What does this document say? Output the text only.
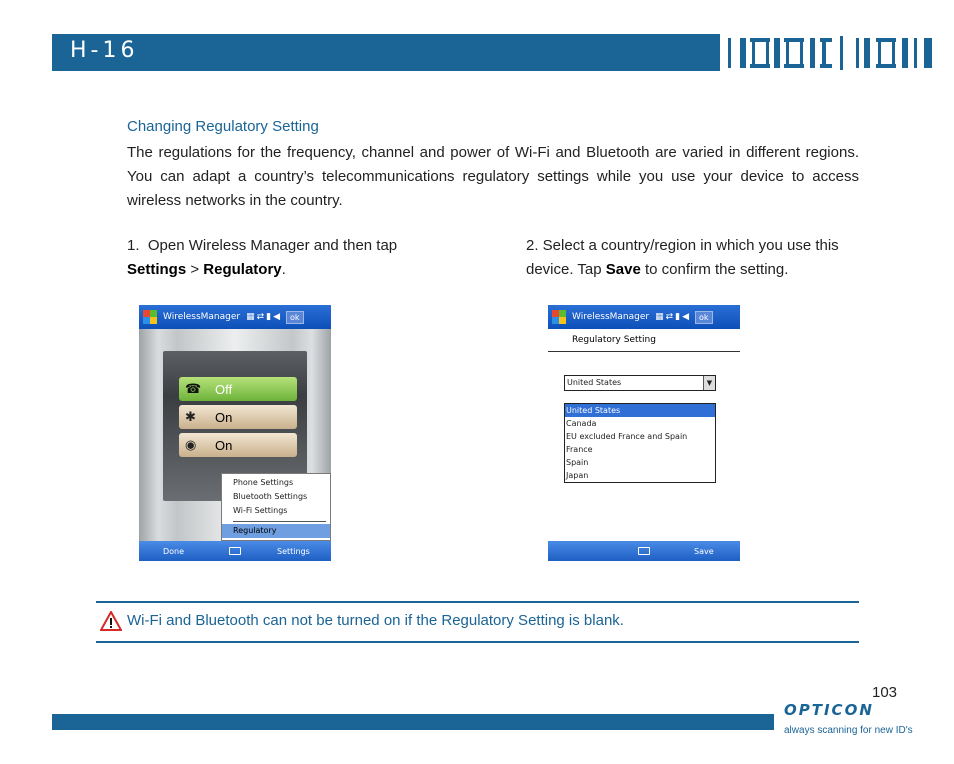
H-16
Changing Regulatory Setting
The regulations for the frequency, channel and power of Wi-Fi and Bluetooth are varied in different regions. You can adapt a country’s telecommunications regulatory settings while you use your device to access wireless networks in the country.
1.  Open Wireless Manager and then tap
Settings > Regulatory.
2. Select a country/region in which you use this device. Tap Save to confirm the setting.
WirelessManager ▦⇄▮◀	ok
☎	Off
✱	On
◉	On
Phone Settings
Bluetooth Settings
Wi-Fi Settings
Regulatory
Done	Settings
WirelessManager ▦⇄▮◀	ok
Regulatory Setting
United States	▼
United States
Canada
EU excluded France and Spain
France
Spain
Japan
Save
Wi-Fi and Bluetooth can not be turned on if the Regulatory Setting is blank.
103
OPTICON
always scanning for new ID's
